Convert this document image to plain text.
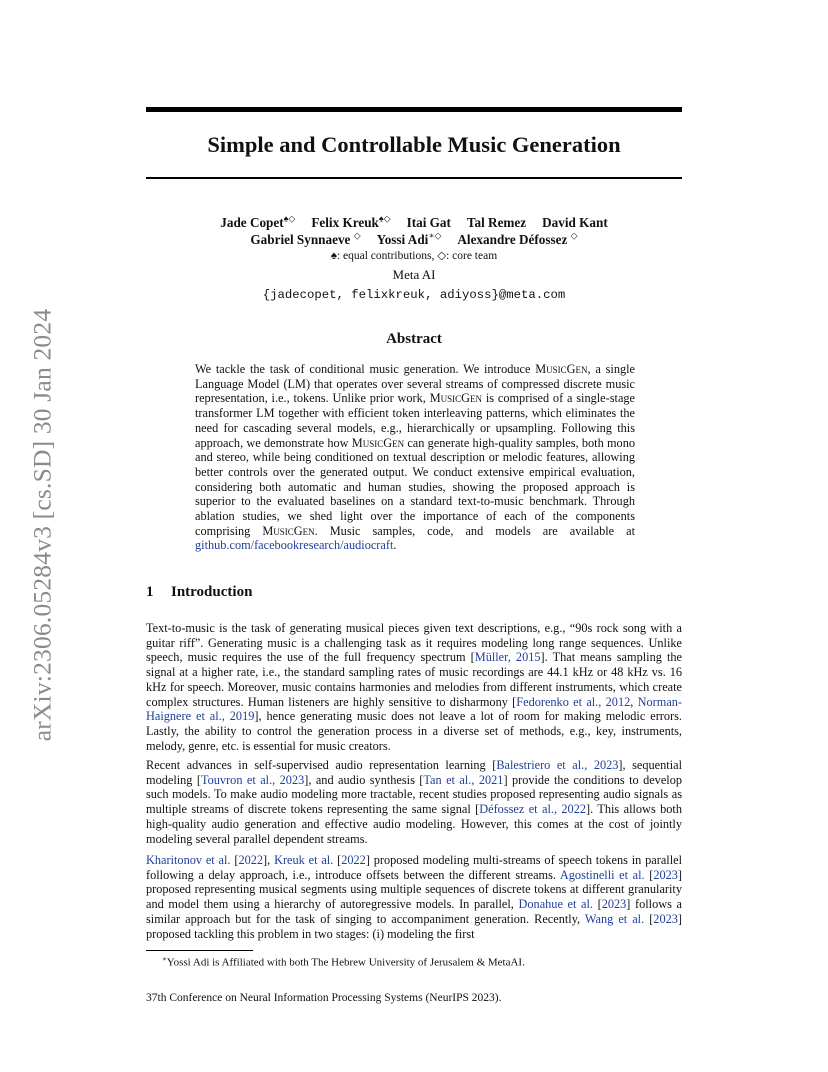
arXiv:2306.05284v3 [cs.SD] 30 Jan 2024
Simple and Controllable Music Generation
Jade Copet♠◇ Felix Kreuk♠◇ Itai Gat Tal Remez David Kant
Gabriel Synnaeve ◇ Yossi Adi∗◇ Alexandre Défossez ◇
♠: equal contributions, ◇: core team
Meta AI
{jadecopet, felixkreuk, adiyoss}@meta.com
Abstract

We tackle the task of conditional music generation. We introduce MusicGen, a single Language Model (LM) that operates over several streams of compressed discrete music representation, i.e., tokens. Unlike prior work, MusicGen is comprised of a single-stage transformer LM together with efficient token interleaving patterns, which eliminates the need for cascading several models, e.g., hierarchically or upsampling. Following this approach, we demonstrate how MusicGen can generate high-quality samples, both mono and stereo, while being conditioned on textual description or melodic features, allowing better controls over the generated output. We conduct extensive empirical evaluation, considering both automatic and human studies, showing the proposed approach is superior to the evaluated baselines on a standard text-to-music benchmark. Through ablation studies, we shed light over the importance of each of the components comprising MusicGen. Music samples, code, and models are available at github.com/facebookresearch/audiocraft.

1 Introduction

Text-to-music is the task of generating musical pieces given text descriptions, e.g., “90s rock song with a guitar riff”. Generating music is a challenging task as it requires modeling long range sequences. Unlike speech, music requires the use of the full frequency spectrum [Müller, 2015]. That means sampling the signal at a higher rate, i.e., the standard sampling rates of music recordings are 44.1 kHz or 48 kHz vs. 16 kHz for speech. Moreover, music contains harmonies and melodies from different instruments, which create complex structures. Human listeners are highly sensitive to disharmony [Fedorenko et al., 2012, Norman-Haignere et al., 2019], hence generating music does not leave a lot of room for making melodic errors. Lastly, the ability to control the generation process in a diverse set of methods, e.g., key, instruments, melody, genre, etc. is essential for music creators.

Recent advances in self-supervised audio representation learning [Balestriero et al., 2023], sequential modeling [Touvron et al., 2023], and audio synthesis [Tan et al., 2021] provide the conditions to develop such models. To make audio modeling more tractable, recent studies proposed representing audio signals as multiple streams of discrete tokens representing the same signal [Défossez et al., 2022]. This allows both high-quality audio generation and effective audio modeling. However, this comes at the cost of jointly modeling several parallel dependent streams.

Kharitonov et al. [2022], Kreuk et al. [2022] proposed modeling multi-streams of speech tokens in parallel following a delay approach, i.e., introduce offsets between the different streams. Agostinelli et al. [2023] proposed representing musical segments using multiple sequences of discrete tokens at different granularity and model them using a hierarchy of autoregressive models. In parallel, Donahue et al. [2023] follows a similar approach but for the task of singing to accompaniment generation. Recently, Wang et al. [2023] proposed tackling this problem in two stages: (i) modeling the first

∗Yossi Adi is Affiliated with both The Hebrew University of Jerusalem & MetaAI.

37th Conference on Neural Information Processing Systems (NeurIPS 2023).
